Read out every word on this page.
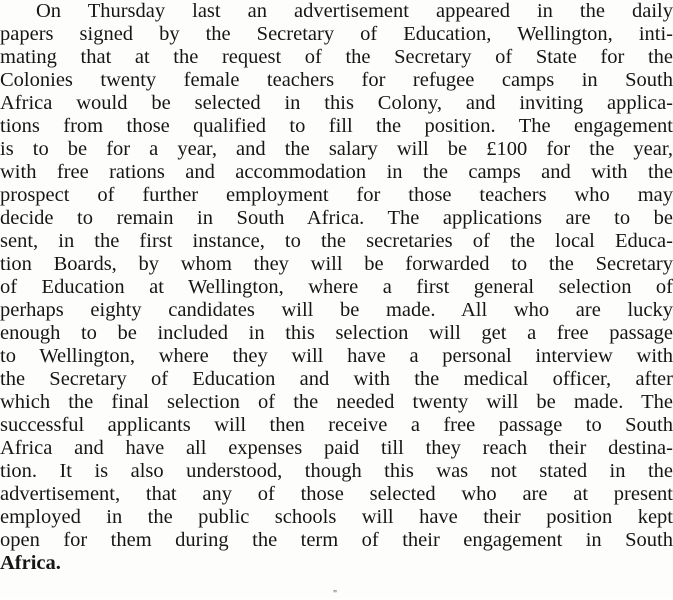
On Thursday last an advertisement appeared in the daily
papers signed by the Secretary of Education, Wellington, inti-
mating that at the request of the Secretary of State for the
Colonies twenty female teachers for refugee camps in South
Africa would be selected in this Colony, and inviting applica-
tions from those qualified to fill the position. The engagement
is to be for a year, and the salary will be £100 for the year,
with free rations and accommodation in the camps and with the
prospect of further employment for those teachers who may
decide to remain in South Africa. The applications are to be
sent, in the first instance, to the secretaries of the local Educa-
tion Boards, by whom they will be forwarded to the Secretary
of Education at Wellington, where a first general selection of
perhaps eighty candidates will be made. All who are lucky
enough to be included in this selection will get a free passage
to Wellington, where they will have a personal interview with
the Secretary of Education and with the medical officer, after
which the final selection of the needed twenty will be made. The
successful applicants will then receive a free passage to South
Africa and have all expenses paid till they reach their destina-
tion. It is also understood, though this was not stated in the
advertisement, that any of those selected who are at present
employed in the public schools will have their position kept
open for them during the term of their engagement in South
Africa.
"
